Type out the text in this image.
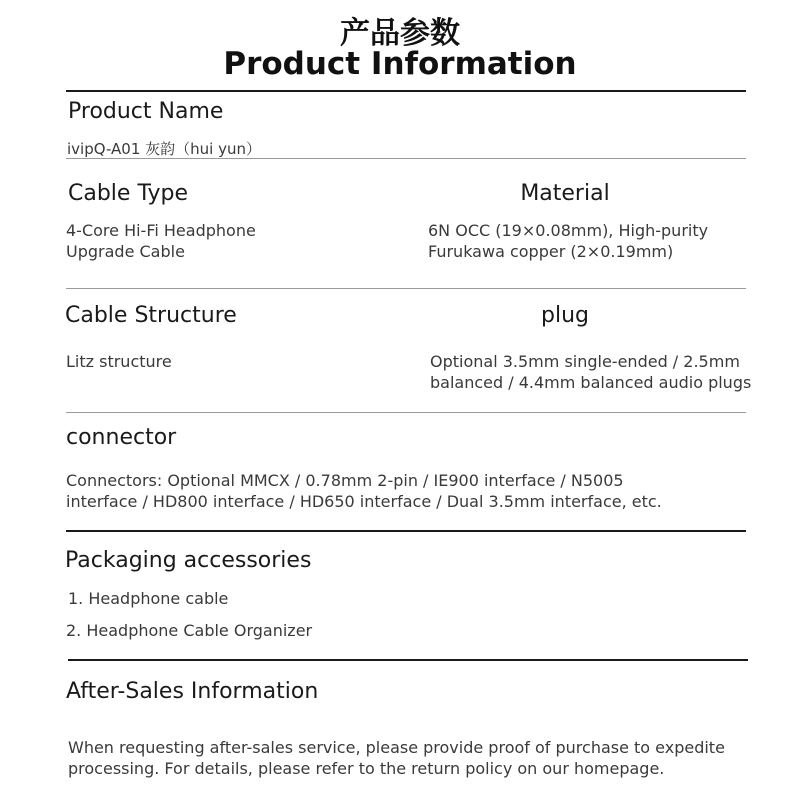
产品参数
Product Information
Product Name
ivipQ-A01 灰韵（hui yun）
Cable Type
4-Core Hi-Fi Headphone
Upgrade Cable
Material
6N OCC (19×0.08mm), High-purity
Furukawa copper (2×0.19mm)
Cable Structure
Litz structure
plug
Optional 3.5mm single-ended / 2.5mm
balanced / 4.4mm balanced audio plugs
connector
Connectors: Optional MMCX / 0.78mm 2-pin / IE900 interface / N5005
interface / HD800 interface / HD650 interface / Dual 3.5mm interface, etc.
Packaging accessories
1. Headphone cable
2. Headphone Cable Organizer
After-Sales Information
When requesting after-sales service, please provide proof of purchase to expedite
processing. For details, please refer to the return policy on our homepage.
